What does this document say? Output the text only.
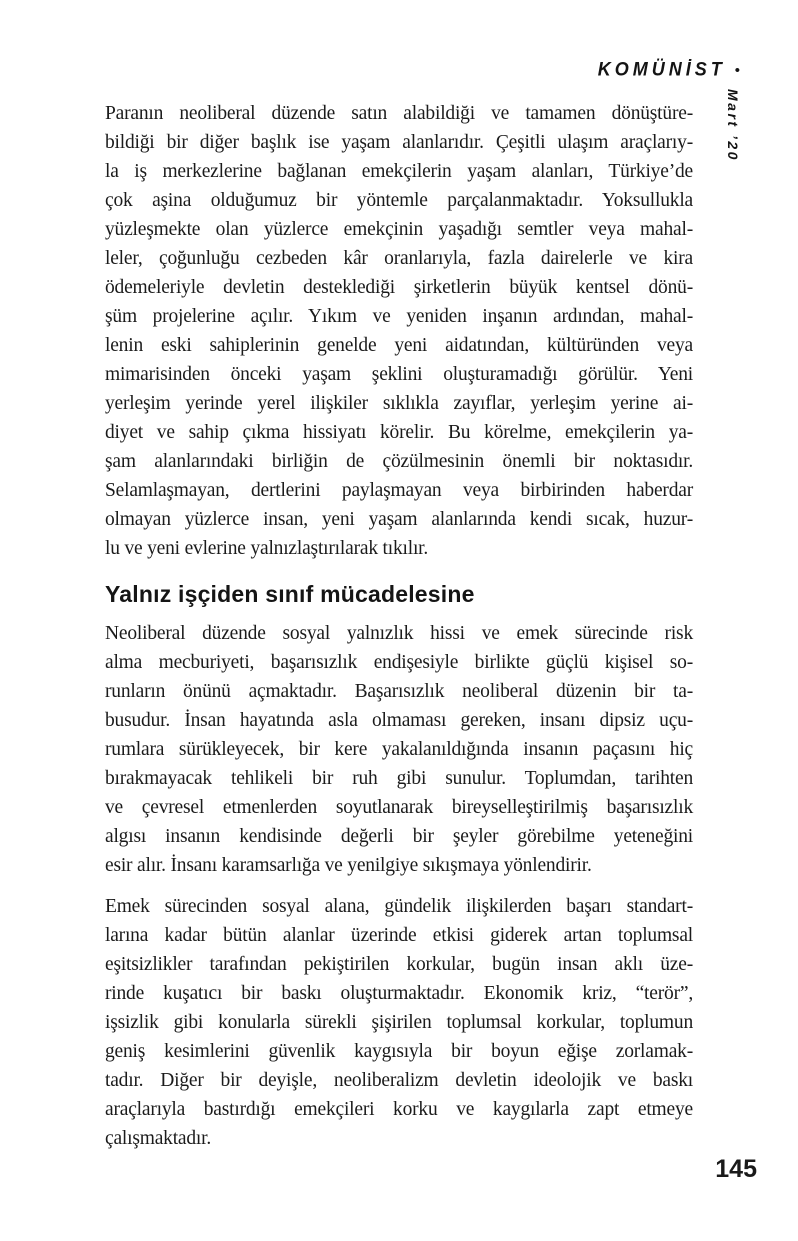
KOMÜNİST •
Mart ’20
Paranın neoliberal düzende satın alabildiği ve tamamen dönüştüre-
bildiği bir diğer başlık ise yaşam alanlarıdır. Çeşitli ulaşım araçlarıy-
la iş merkezlerine bağlanan emekçilerin yaşam alanları, Türkiye’de
çok aşina olduğumuz bir yöntemle parçalanmaktadır. Yoksullukla
yüzleşmekte olan yüzlerce emekçinin yaşadığı semtler veya mahal-
leler, çoğunluğu cezbeden kâr oranlarıyla, fazla dairelerle ve kira
ödemeleriyle devletin desteklediği şirketlerin büyük kentsel dönü-
şüm projelerine açılır. Yıkım ve yeniden inşanın ardından, mahal-
lenin eski sahiplerinin genelde yeni aidatından, kültüründen veya
mimarisinden önceki yaşam şeklini oluşturamadığı görülür. Yeni
yerleşim yerinde yerel ilişkiler sıklıkla zayıflar, yerleşim yerine ai-
diyet ve sahip çıkma hissiyatı körelir. Bu körelme, emekçilerin ya-
şam alanlarındaki birliğin de çözülmesinin önemli bir noktasıdır.
Selamlaşmayan, dertlerini paylaşmayan veya birbirinden haberdar
olmayan yüzlerce insan, yeni yaşam alanlarında kendi sıcak, huzur-
lu ve yeni evlerine yalnızlaştırılarak tıkılır.
Yalnız işçiden sınıf mücadelesine
Neoliberal düzende sosyal yalnızlık hissi ve emek sürecinde risk
alma mecburiyeti, başarısızlık endişesiyle birlikte güçlü kişisel so-
runların önünü açmaktadır. Başarısızlık neoliberal düzenin bir ta-
busudur. İnsan hayatında asla olmaması gereken, insanı dipsiz uçu-
rumlara sürükleyecek, bir kere yakalanıldığında insanın paçasını hiç
bırakmayacak tehlikeli bir ruh gibi sunulur. Toplumdan, tarihten
ve çevresel etmenlerden soyutlanarak bireyselleştirilmiş başarısızlık
algısı insanın kendisinde değerli bir şeyler görebilme yeteneğini
esir alır. İnsanı karamsarlığa ve yenilgiye sıkışmaya yönlendirir.
Emek sürecinden sosyal alana, gündelik ilişkilerden başarı standart-
larına kadar bütün alanlar üzerinde etkisi giderek artan toplumsal
eşitsizlikler tarafından pekiştirilen korkular, bugün insan aklı üze-
rinde kuşatıcı bir baskı oluşturmaktadır. Ekonomik kriz, “terör”,
işsizlik gibi konularla sürekli şişirilen toplumsal korkular, toplumun
geniş kesimlerini güvenlik kaygısıyla bir boyun eğişe zorlamak-
tadır. Diğer bir deyişle, neoliberalizm devletin ideolojik ve baskı
araçlarıyla bastırdığı emekçileri korku ve kaygılarla zapt etmeye
çalışmaktadır.
145
